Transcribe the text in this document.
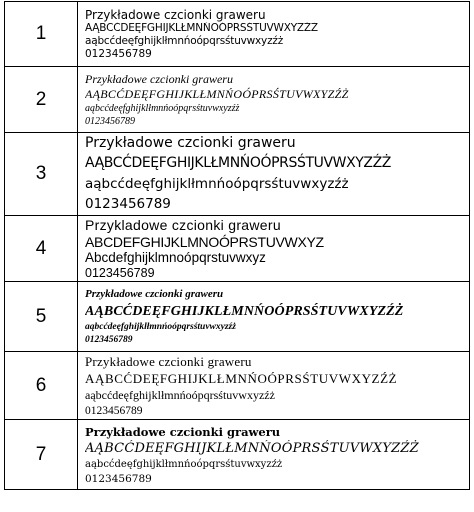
1	Przykładowe czcionki graweru
AĄBCĆDEĘFGHIJKLŁMNŃOÓPRSŚTUVWXYZŹŻ
aąbcćdeęfghijklłmnńoópqrsśtuvwxyzźż
0123456789

2	Przykładowe czcionki graweru
AĄBCĆDEĘFGHIJKLŁMNŃOÓPRSŚTUVWXYZŹŻ
aąbcćdeęfghijklłmnńoópqrsśtuvwxyzźż
0123456789

3	Przykładowe czcionki graweru
AĄBCĆDEĘFGHIJKLŁMNŃOÓPRSŚTUVWXYZŹŻ
aąbcćdeęfghijklłmnńoópqrsśtuvwxyzźż
0123456789

4	Przykladowe czcionki graweru
ABCDEFGHIJKLMNOÓPRSTUVWXYZ
Abcdefghijklmnoópqrstuvwxyz
0123456789

5	Przykładowe czcionki graweru
AĄBCĆDEĘFGHIJKLŁMNŃOÓPRSŚTUVWXYZŹŻ
aąbcćdeęfghijklłmnńoópqrsśtuvwxyzźż
0123456789

6	Przykładowe czcionki graweru
AĄBCĆDEĘFGHIJKLŁMNŃOÓPRSŚTUVWXYZŹŻ
aąbcćdeęfghijklłmnńoópqrsśtuvwxyzźż
0123456789

7	Przykładowe czcionki graweru
AĄBCĆDEĘFGHIJKLŁMNŃOÓPRSŚTUVWXYZŹŻ
aąbcćdeęfghijklłmnńoópqrsśtuvwxyzźż
0123456789
